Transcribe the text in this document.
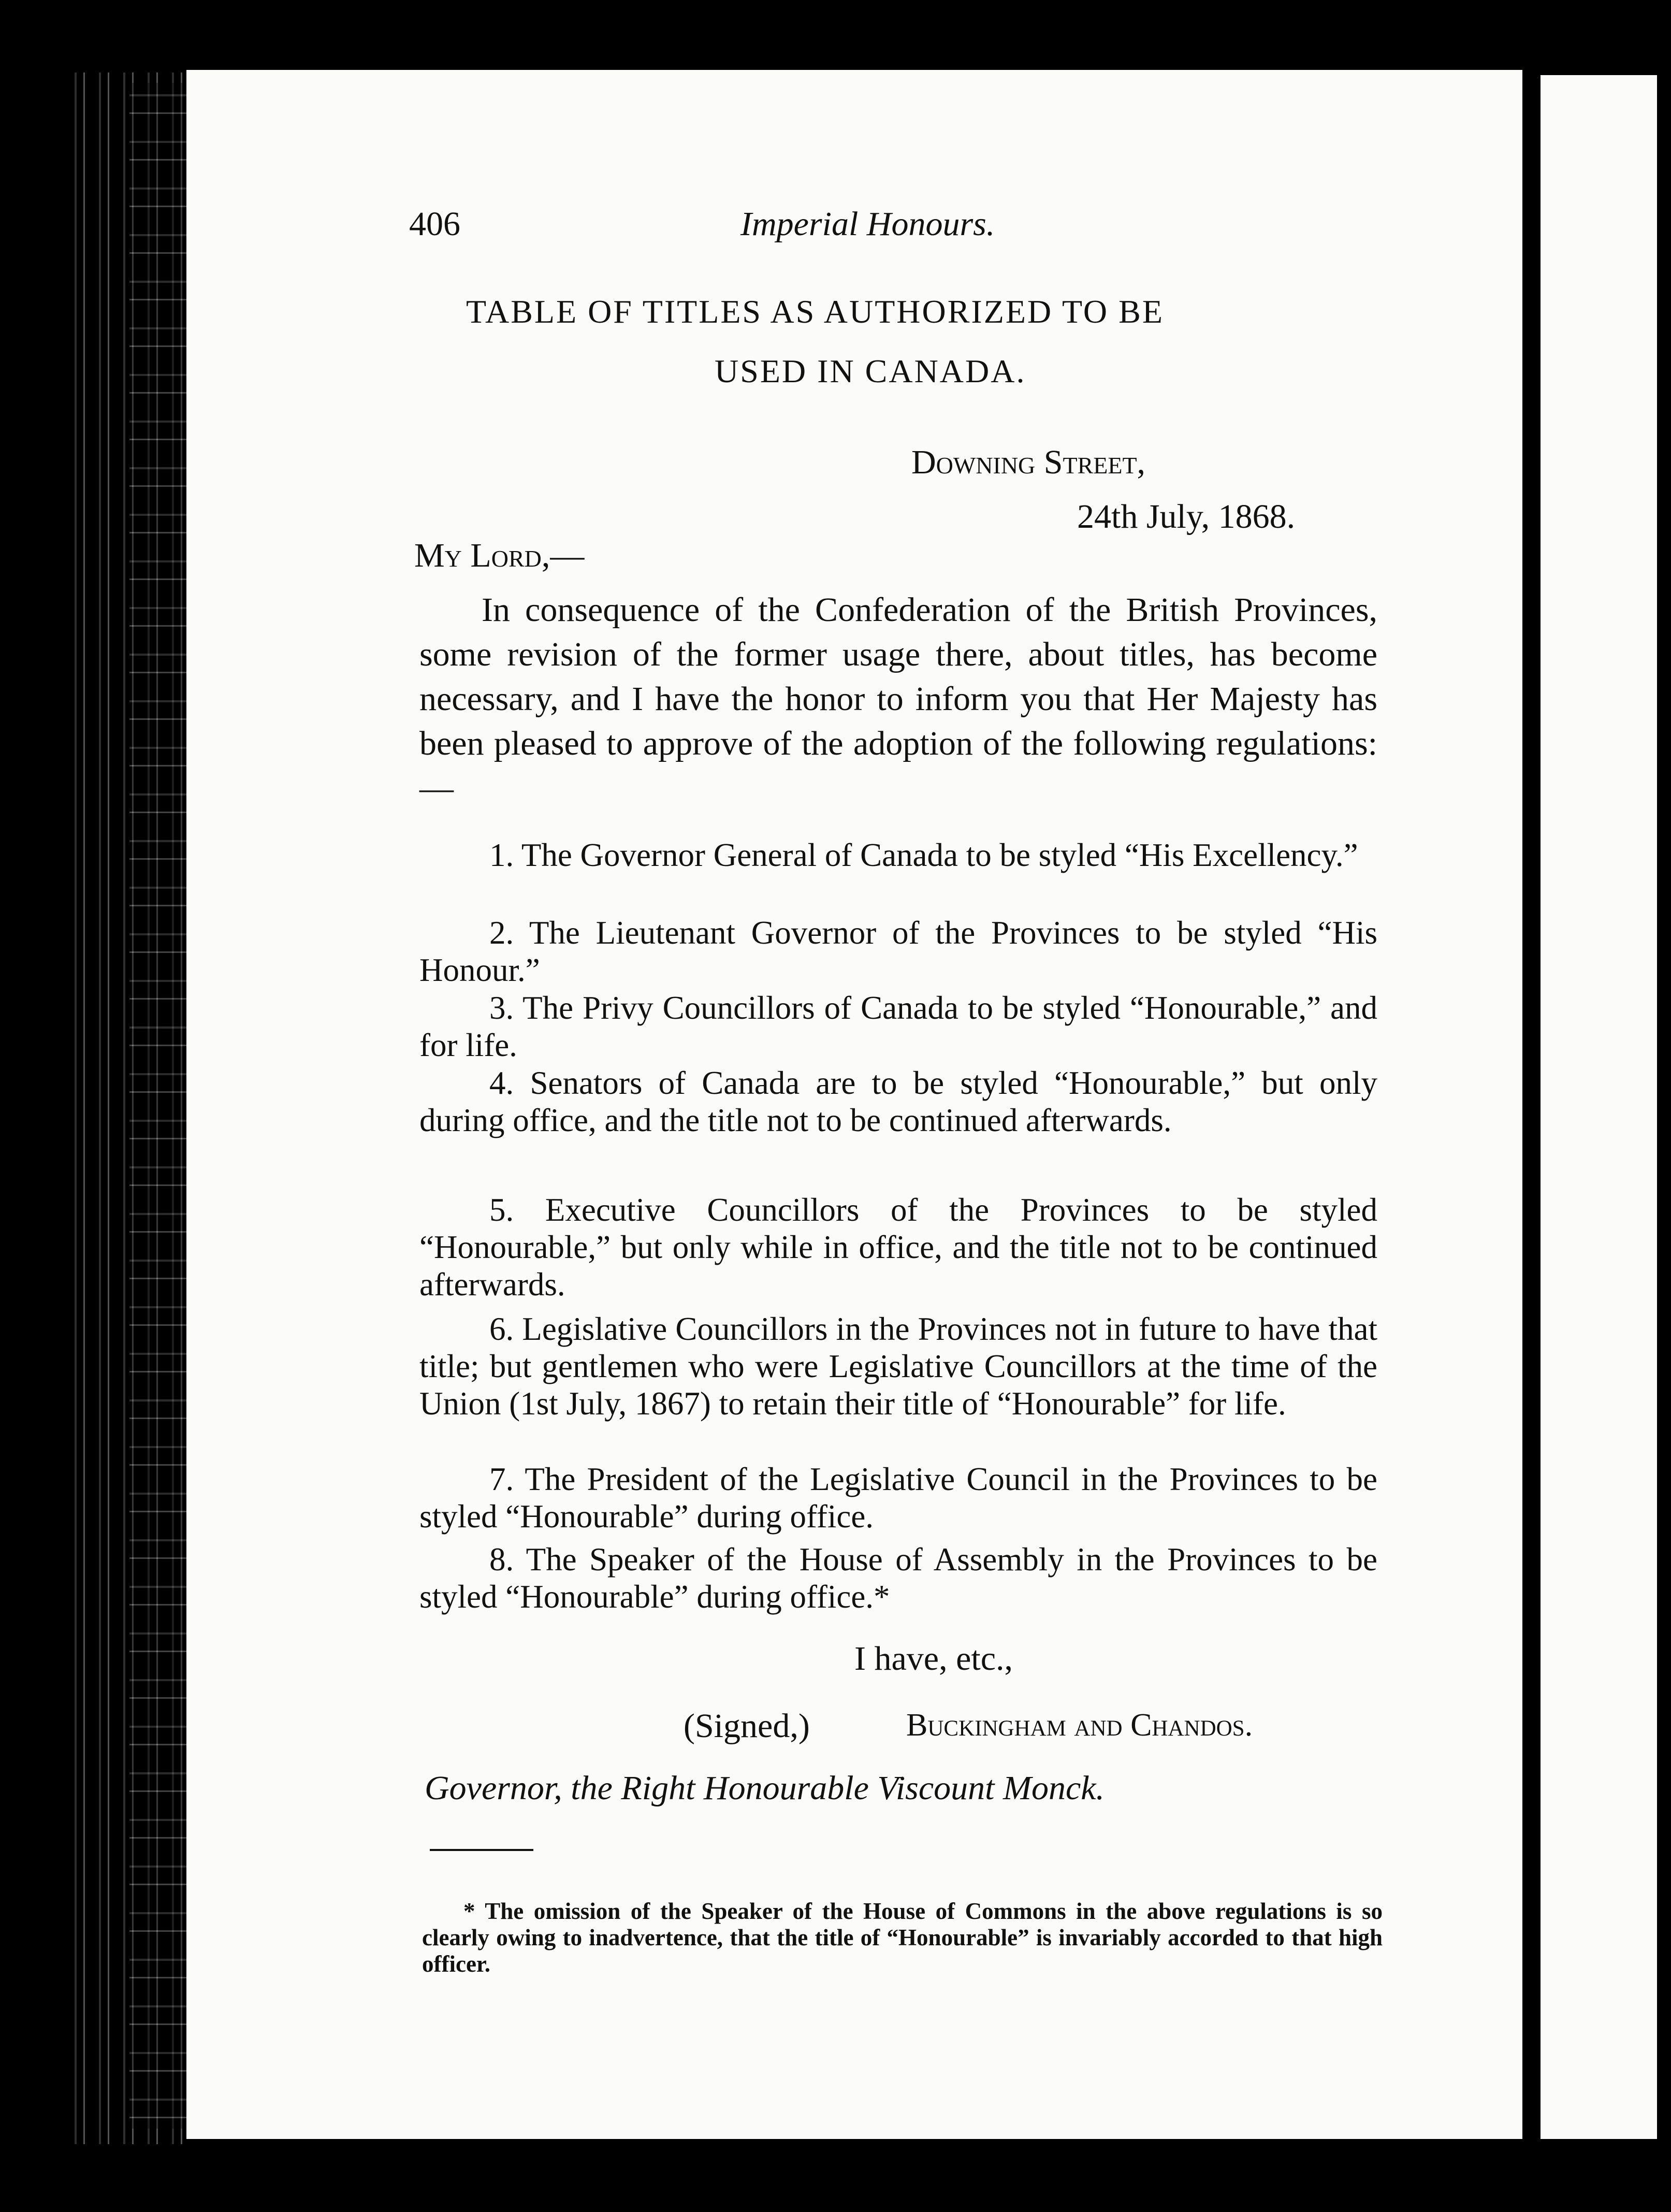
406	Imperial Honours.
TABLE OF TITLES AS AUTHORIZED TO BE
USED IN CANADA.
Downing Street,
24th July, 1868.
My Lord,—
In consequence of the Confederation of the British Provinces, some revision of the former usage there, about titles, has become necessary, and I have the honor to inform you that Her Majesty has been pleased to approve of the adoption of the following regulations:—
1. The Governor General of Canada to be styled “His Excellency.”
2. The Lieutenant Governor of the Provinces to be styled “His Honour.”
3. The Privy Councillors of Canada to be styled “Honourable,” and for life.
4. Senators of Canada are to be styled “Honourable,” but only during office, and the title not to be continued afterwards.
5. Executive Councillors of the Provinces to be styled “Honourable,” but only while in office, and the title not to be continued afterwards.
6. Legislative Councillors in the Provinces not in future to have that title; but gentlemen who were Legislative Councillors at the time of the Union (1st July, 1867) to retain their title of “Honourable” for life.
7. The President of the Legislative Council in the Provinces to be styled “Honourable” during office.
8. The Speaker of the House of Assembly in the Provinces to be styled “Honourable” during office.*
I have, etc.,
(Signed,)	Buckingham and Chandos.
Governor, the Right Honourable Viscount Monck.
* The omission of the Speaker of the House of Commons in the above regulations is so clearly owing to inadvertence, that the title of “Honourable” is invariably accorded to that high officer.
